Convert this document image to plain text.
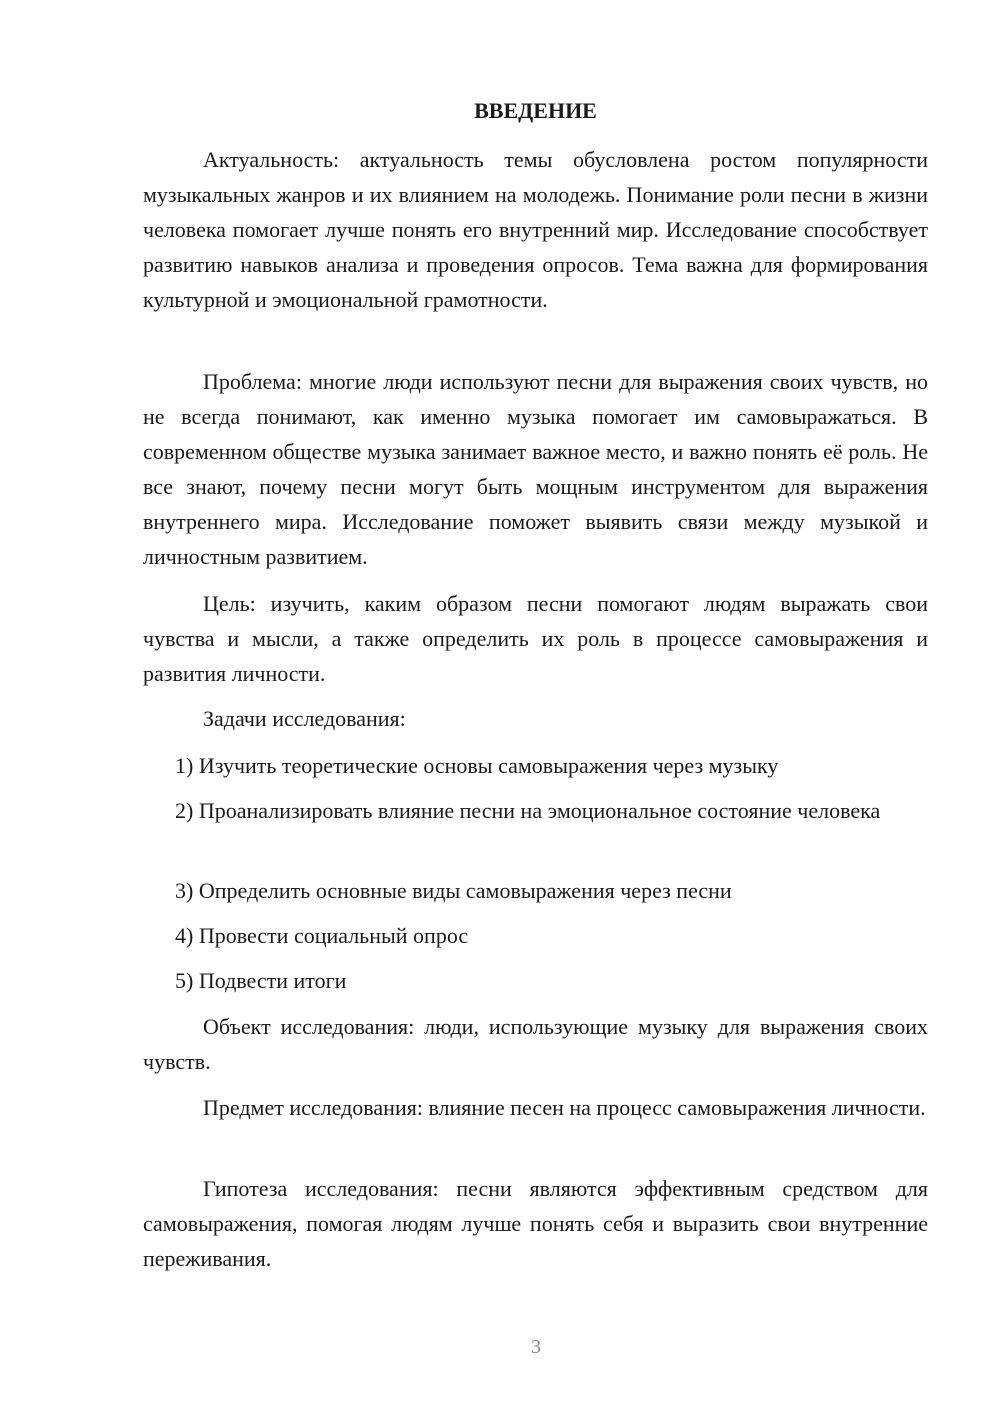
ВВЕДЕНИЕ

Актуальность: актуальность темы обусловлена ростом популярности музыкальных жанров и их влиянием на молодежь. Понимание роли песни в жизни человека помогает лучше понять его внутренний мир. Исследование способствует развитию навыков анализа и проведения опросов. Тема важна для формирования культурной и эмоциональной грамотности.

Проблема: многие люди используют песни для выражения своих чувств, но не всегда понимают, как именно музыка помогает им самовыражаться. В современном обществе музыка занимает важное место, и важно понять её роль. Не все знают, почему песни могут быть мощным инструментом для выражения внутреннего мира. Исследование поможет выявить связи между музыкой и личностным развитием.

Цель: изучить, каким образом песни помогают людям выражать свои чувства и мысли, а также определить их роль в процессе самовыражения и развития личности.

Задачи исследования:

1) Изучить теоретические основы самовыражения через музыку

2) Проанализировать влияние песни на эмоциональное состояние человека

3) Определить основные виды самовыражения через песни

4) Провести социальный опрос

5) Подвести итоги

Объект исследования: люди, использующие музыку для выражения своих чувств.

Предмет исследования: влияние песен на процесс самовыражения личности.

Гипотеза исследования: песни являются эффективным средством для самовыражения, помогая людям лучше понять себя и выразить свои внутренние переживания.

3
